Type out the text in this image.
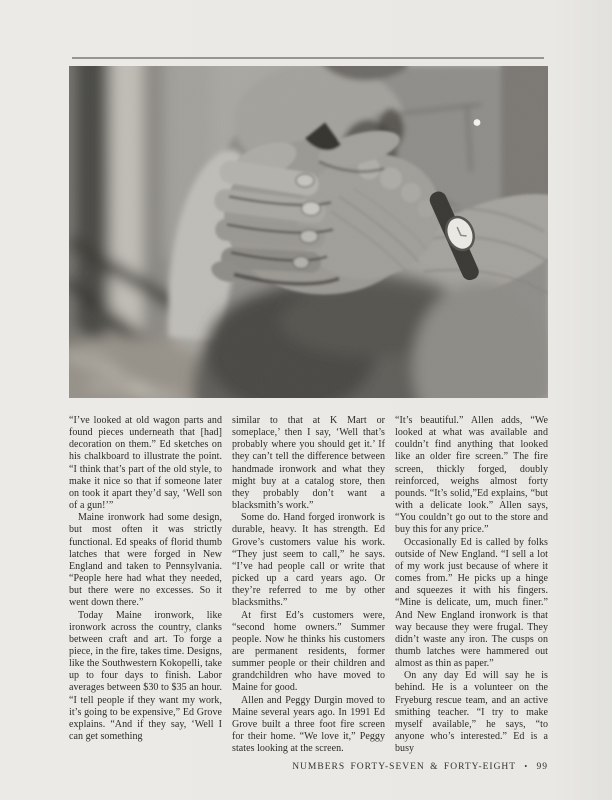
“I’ve looked at old wagon parts and found pieces underneath that [had] decoration on them.” Ed sketches on his chalkboard to illustrate the point. “I think that’s part of the old style, to make it nice so that if someone later on took it apart they’d say, ‘Well son of a gun!’”

Maine ironwork had some design, but most often it was strictly functional. Ed speaks of florid thumb latches that were forged in New England and taken to Pennsylvania. “People here had what they needed, but there were no excesses. So it went down there.”

Today Maine ironwork, like ironwork across the country, clanks between craft and art. To forge a piece, in the fire, takes time. Designs, like the Southwestern Kokopelli, take up to four days to finish. Labor averages between $30 to $35 an hour. “I tell people if they want my work, it’s going to be expensive,” Ed Grove explains. “And if they say, ‘Well I can get something

similar to that at K Mart or someplace,’ then I say, ‘Well that’s probably where you should get it.’ If they can’t tell the difference between handmade ironwork and what they might buy at a catalog store, then they probably don’t want a blacksmith’s work.”

Some do. Hand forged ironwork is durable, heavy. It has strength. Ed Grove’s customers value his work. “They just seem to call,” he says. “I’ve had people call or write that picked up a card years ago. Or they’re referred to me by other blacksmiths.”

At first Ed’s customers were, “second home owners.” Summer people. Now he thinks his customers are permanent residents, former summer people or their children and grandchildren who have moved to Maine for good.

Allen and Peggy Durgin moved to Maine several years ago. In 1991 Ed Grove built a three foot fire screen for their home. “We love it,” Peggy states looking at the screen.

“It’s beautiful.” Allen adds, “We looked at what was available and couldn’t find anything that looked like an older fire screen.” The fire screen, thickly forged, doubly reinforced, weighs almost forty pounds. “It’s solid,”Ed explains, “but with a delicate look.” Allen says, “You couldn’t go out to the store and buy this for any price.”

Occasionally Ed is called by folks outside of New England. “I sell a lot of my work just because of where it comes from.” He picks up a hinge and squeezes it with his fingers. “Mine is delicate, um, much finer.” And New England ironwork is that way because they were frugal. They didn’t waste any iron. The cusps on thumb latches were hammered out almost as thin as paper.”

On any day Ed will say he is behind. He is a volunteer on the Fryeburg rescue team, and an active smithing teacher. “I try to make myself available,” he says, “to anyone who’s interested.” Ed is a busy

NUMBERS FORTY-SEVEN & FORTY-EIGHT • 99
